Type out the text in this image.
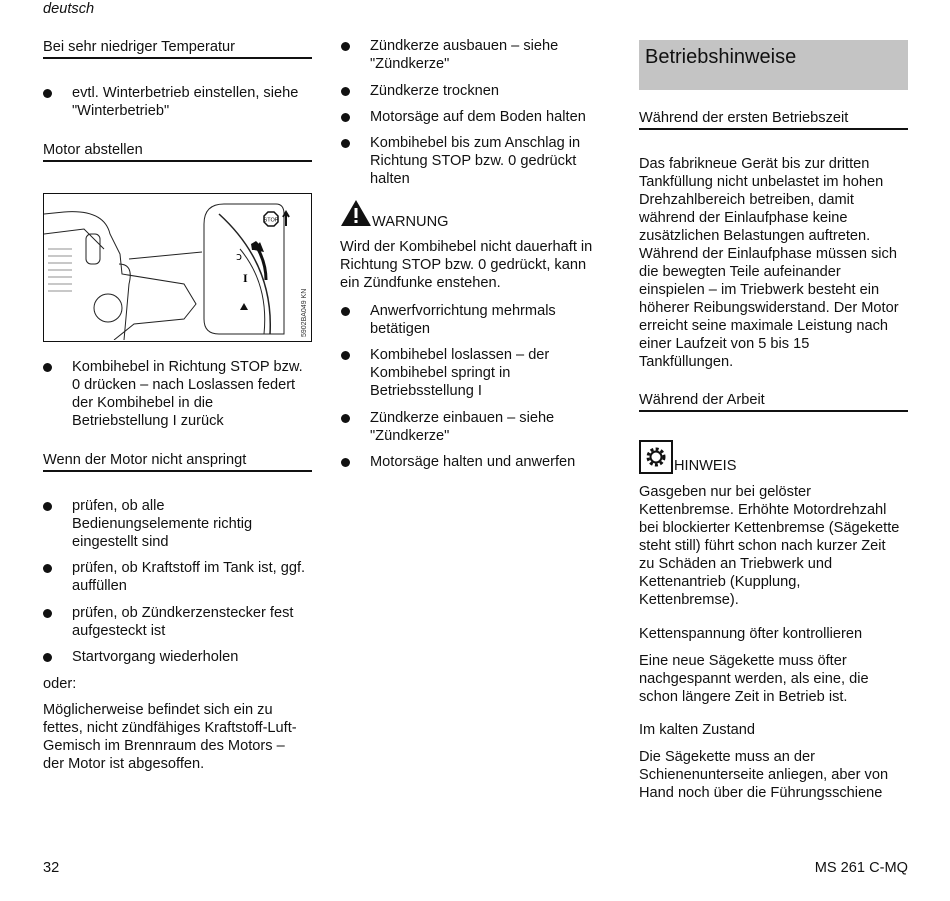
deutsch
Bei sehr niedriger Temperatur
evtl. Winterbetrieb einstellen, siehe
"Winterbetrieb"
Motor abstellen
STOP
ↄ
I
5902BA049 KN
Kombihebel in Richtung STOP bzw.
0 drücken – nach Loslassen federt
der Kombihebel in die
Betriebstellung I zurück
Wenn der Motor nicht anspringt
prüfen, ob alle
Bedienungselemente richtig
eingestellt sind
prüfen, ob Kraftstoff im Tank ist, ggf.
auffüllen
prüfen, ob Zündkerzenstecker fest
aufgesteckt ist
Startvorgang wiederholen
oder:
Möglicherweise befindet sich ein zu
fettes, nicht zündfähiges Kraftstoff-Luft-
Gemisch im Brennraum des Motors –
der Motor ist abgesoffen.
Zündkerze ausbauen – siehe
"Zündkerze"
Zündkerze trocknen
Motorsäge auf dem Boden halten
Kombihebel bis zum Anschlag in
Richtung STOP bzw. 0 gedrückt
halten
WARNUNG
Wird der Kombihebel nicht dauerhaft in
Richtung STOP bzw. 0 gedrückt, kann
ein Zündfunke enstehen.
Anwerfvorrichtung mehrmals
betätigen
Kombihebel loslassen – der
Kombihebel springt in
Betriebsstellung I
Zündkerze einbauen – siehe
"Zündkerze"
Motorsäge halten und anwerfen
Betriebshinweise
Während der ersten Betriebszeit
Das fabrikneue Gerät bis zur dritten
Tankfüllung nicht unbelastet im hohen
Drehzahlbereich betreiben, damit
während der Einlaufphase keine
zusätzlichen Belastungen auftreten.
Während der Einlaufphase müssen sich
die bewegten Teile aufeinander
einspielen – im Triebwerk besteht ein
höherer Reibungswiderstand. Der Motor
erreicht seine maximale Leistung nach
einer Laufzeit von 5 bis 15
Tankfüllungen.
Während der Arbeit
HINWEIS
Gasgeben nur bei gelöster
Kettenbremse. Erhöhte Motordrehzahl
bei blockierter Kettenbremse (Sägekette
steht still) führt schon nach kurzer Zeit
zu Schäden an Triebwerk und
Kettenantrieb (Kupplung,
Kettenbremse).
Kettenspannung öfter kontrollieren
Eine neue Sägekette muss öfter
nachgespannt werden, als eine, die
schon längere Zeit in Betrieb ist.
Im kalten Zustand
Die Sägekette muss an der
Schienenunterseite anliegen, aber von
Hand noch über die Führungsschiene
32	MS 261 C-MQ
